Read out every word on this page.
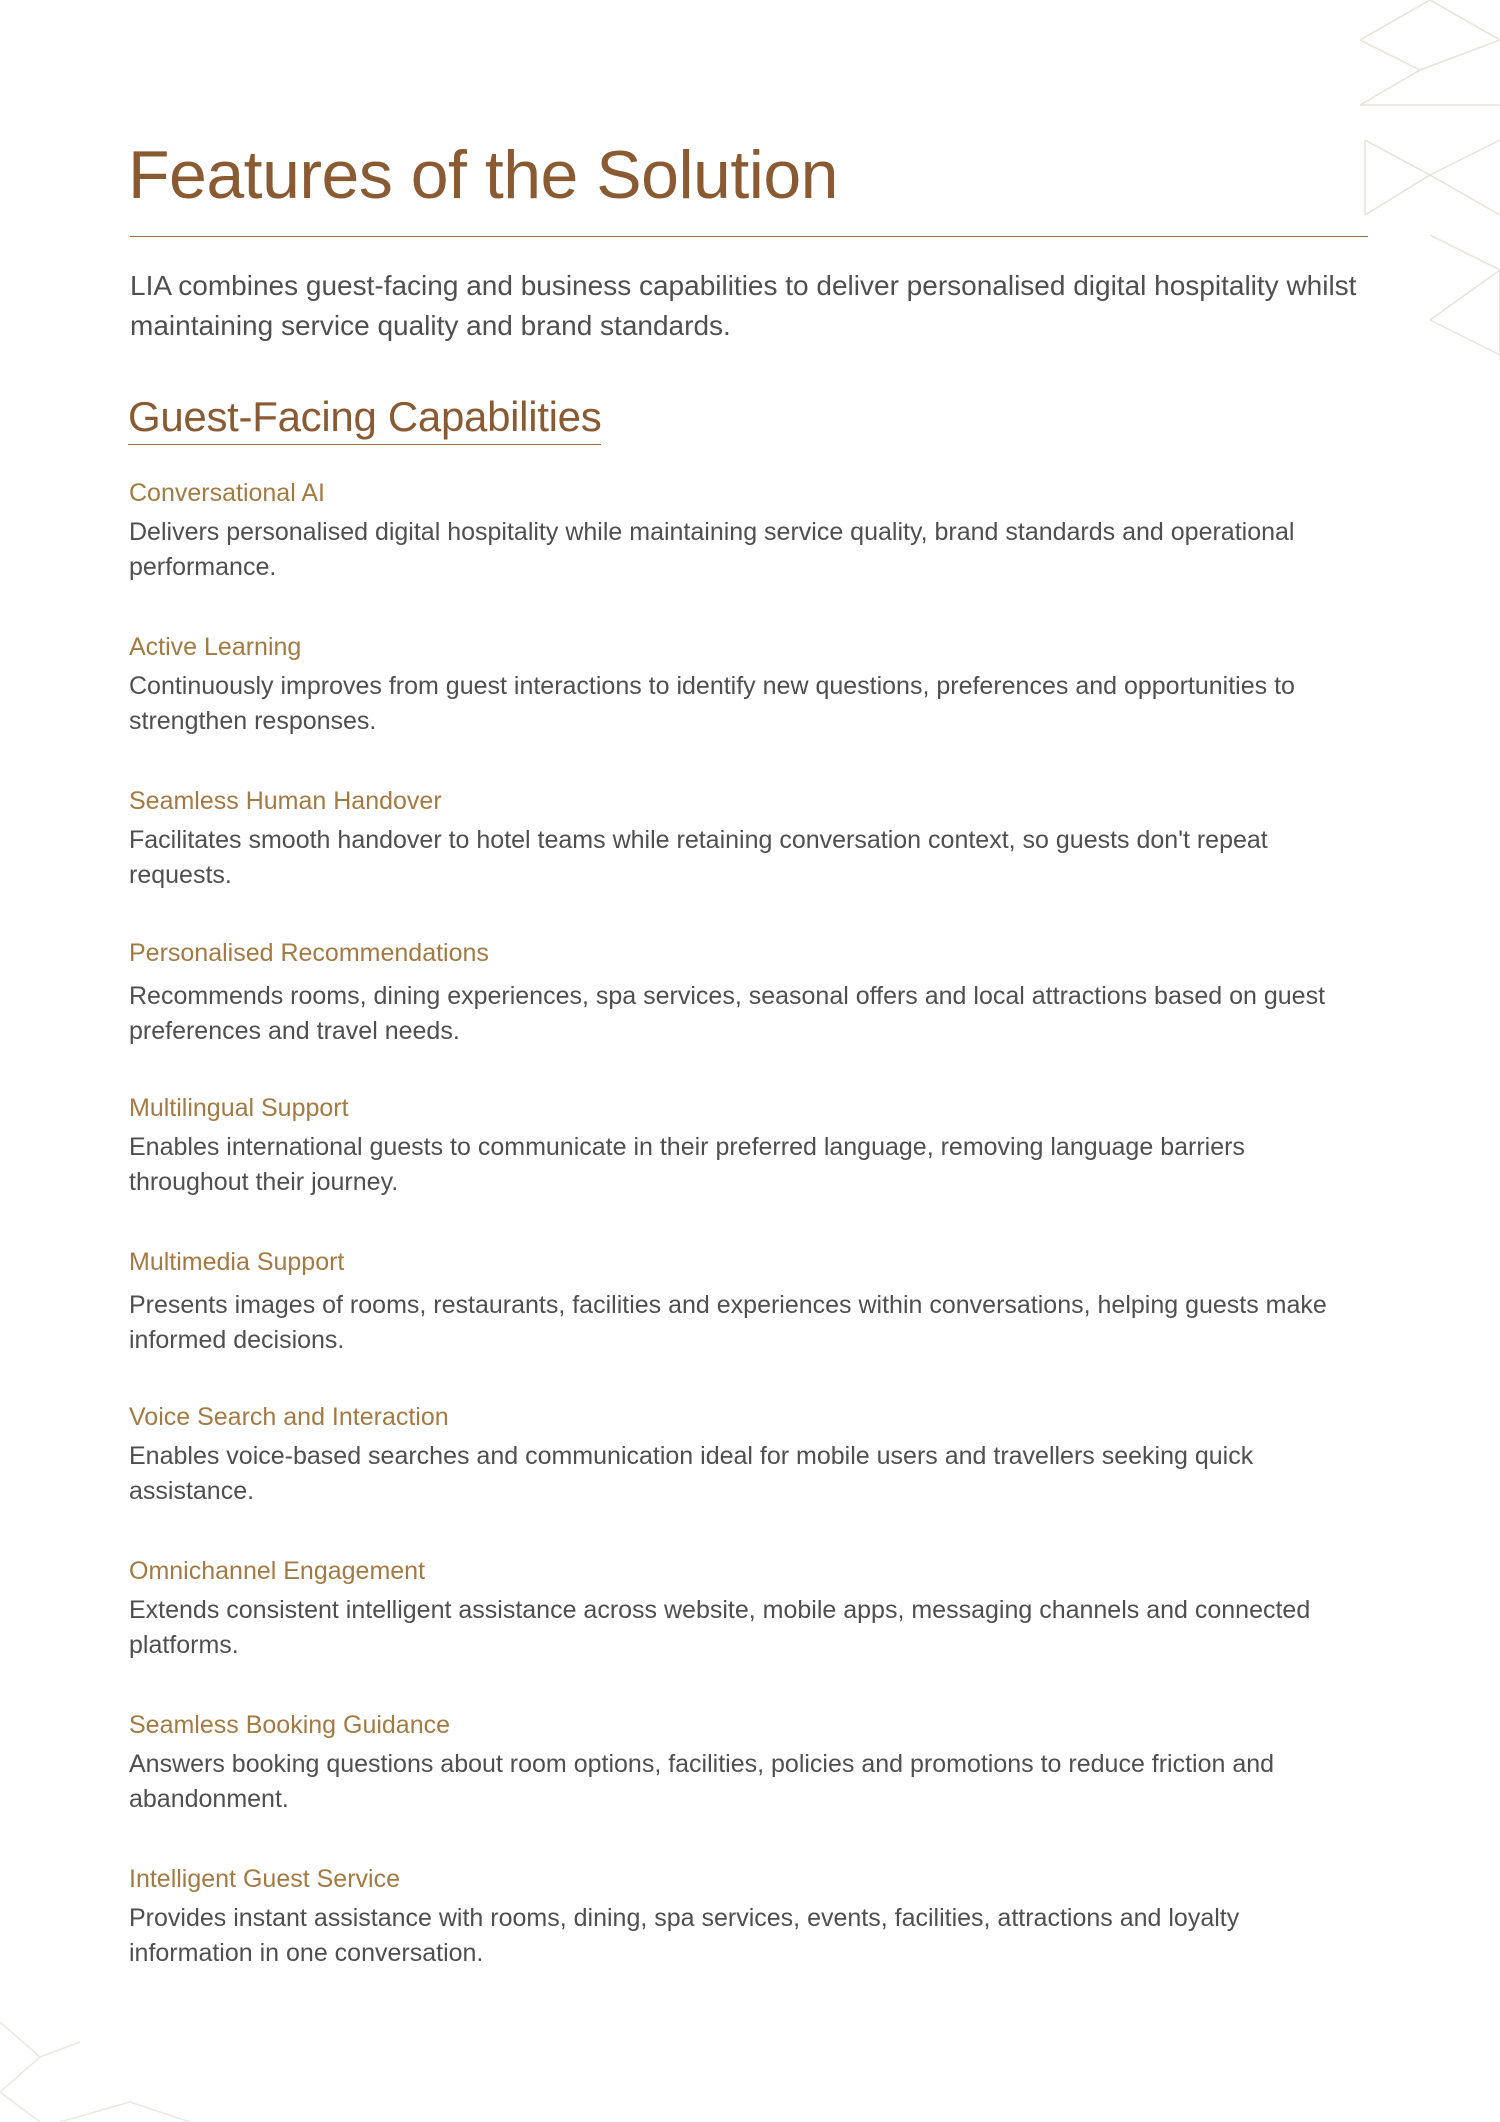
Features of the Solution

LIA combines guest-facing and business capabilities to deliver personalised digital hospitality whilst maintaining service quality and brand standards.

Guest-Facing Capabilities
Conversational AI

Delivers personalised digital hospitality while maintaining service quality, brand standards and operational performance.

Active Learning

Continuously improves from guest interactions to identify new questions, preferences and opportunities to strengthen responses.

Seamless Human Handover

Facilitates smooth handover to hotel teams while retaining conversation context, so guests don't repeat requests.

Personalised Recommendations

Recommends rooms, dining experiences, spa services, seasonal offers and local attractions based on guest preferences and travel needs.

Multilingual Support

Enables international guests to communicate in their preferred language, removing language barriers throughout their journey.

Multimedia Support

Presents images of rooms, restaurants, facilities and experiences within conversations, helping guests make informed decisions.

Voice Search and Interaction

Enables voice-based searches and communication ideal for mobile users and travellers seeking quick assistance.

Omnichannel Engagement

Extends consistent intelligent assistance across website, mobile apps, messaging channels and connected platforms.

Seamless Booking Guidance

Answers booking questions about room options, facilities, policies and promotions to reduce friction and abandonment.

Intelligent Guest Service

Provides instant assistance with rooms, dining, spa services, events, facilities, attractions and loyalty information in one conversation.
